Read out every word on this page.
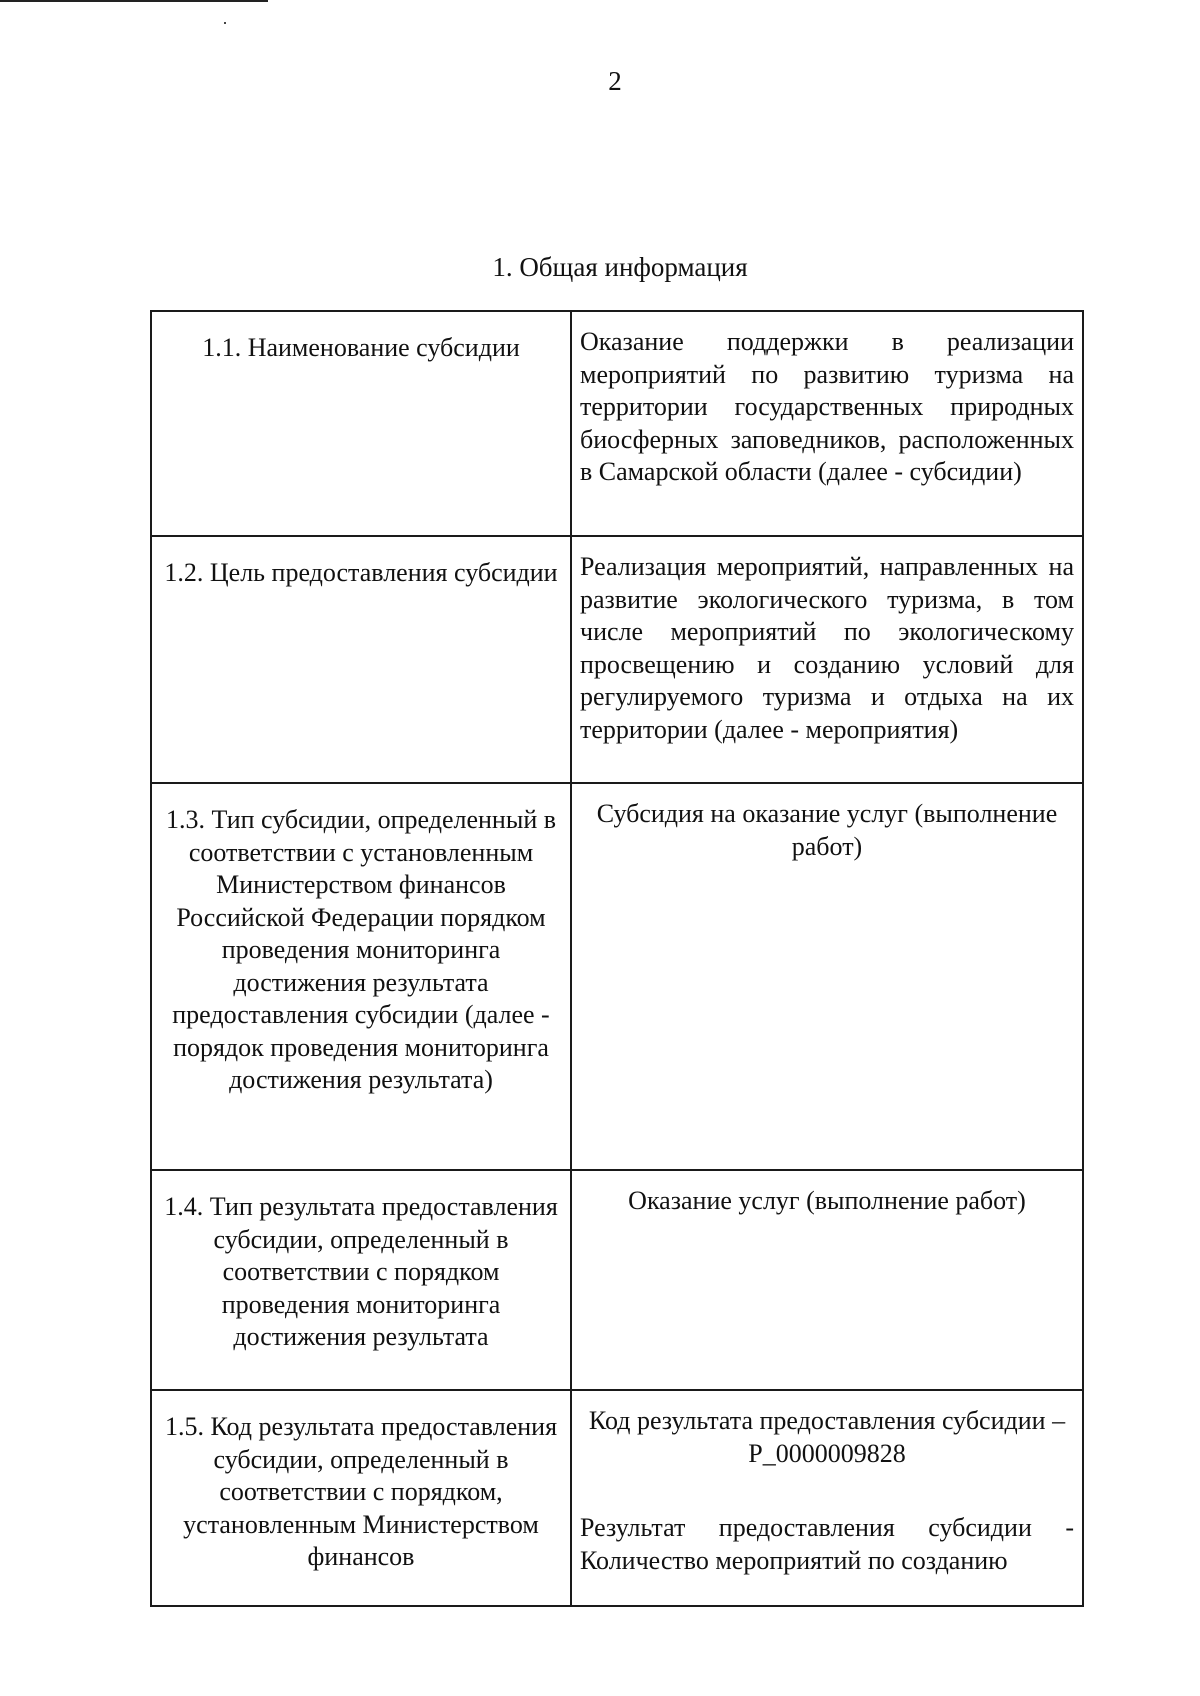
2
1. Общая информация
1.1. Наименование субсидии	Оказание поддержки в реализации мероприятий по развитию туризма на территории государственных природных биосферных заповедников, расположенных в Самарской области (далее - субсидии)

1.2. Цель предоставления субсидии	Реализация мероприятий, направленных на развитие экологического туризма, в том числе мероприятий по экологическому просвещению и созданию условий для регулируемого туризма и отдыха на их территории (далее - мероприятия)

1.3. Тип субсидии, определенный в соответствии с установленным Министерством финансов Российской Федерации порядком проведения мониторинга достижения результата предоставления субсидии (далее - порядок проведения мониторинга достижения результата)	Субсидия на оказание услуг (выполнение работ)

1.4. Тип результата предоставления субсидии, определенный в соответствии с порядком проведения мониторинга достижения результата	Оказание услуг (выполнение работ)

1.5. Код результата предоставления субсидии, определенный в соответствии с порядком, установленным Министерством финансов	Код результата предоставления субсидии – Р_0000009828
Результат предоставления субсидии - Количество мероприятий по созданию
